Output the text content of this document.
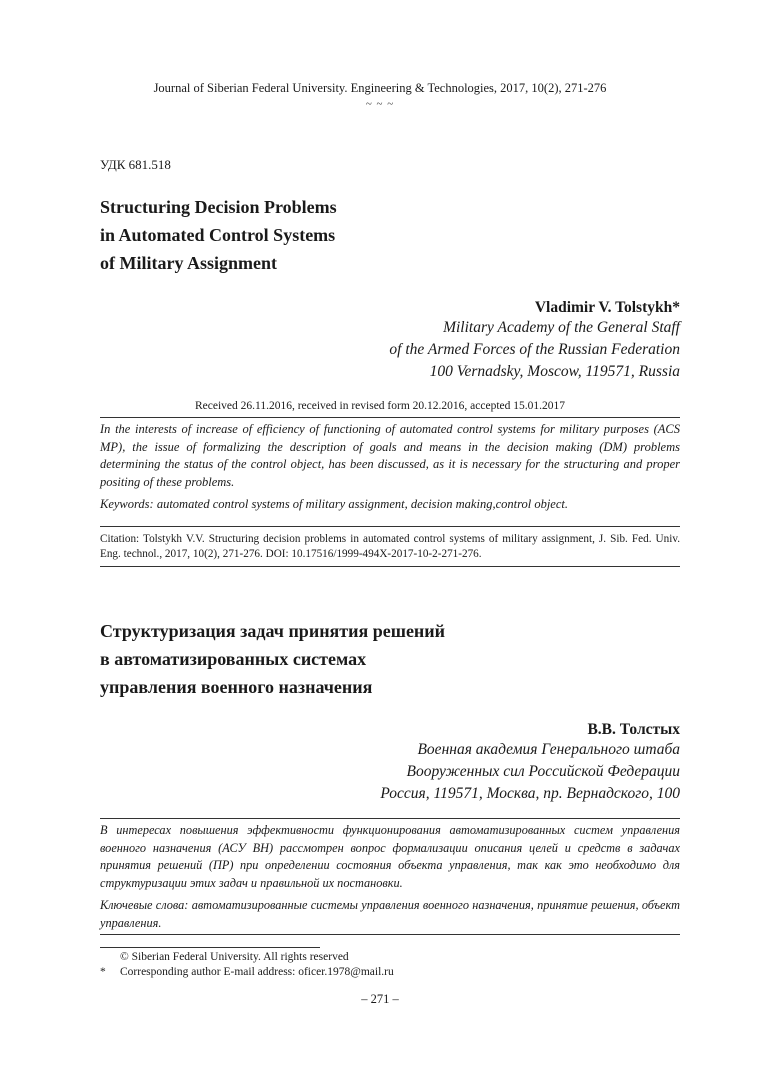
Journal of Siberian Federal University. Engineering & Technologies, 2017, 10(2), 271-276
~ ~ ~
УДК 681.518
Structuring Decision Problems
in Automated Control Systems
of Military Assignment
Vladimir V. Tolstykh*
Military Academy of the General Staff
of the Armed Forces of the Russian Federation
100 Vernadsky, Moscow, 119571, Russia
Received 26.11.2016, received in revised form 20.12.2016, accepted 15.01.2017
In the interests of increase of efficiency of functioning of automated control systems for military purposes (ACS MP), the issue of formalizing the description of goals and means in the decision making (DM) problems determining the status of the control object, has been discussed, as it is necessary for the structuring and proper positing of these problems.
Keywords: automated control systems of military assignment, decision making,control object.
Citation: Tolstykh V.V. Structuring decision problems in automated control systems of military assignment, J. Sib. Fed. Univ. Eng. technol., 2017, 10(2), 271-276. DOI: 10.17516/1999-494X-2017-10-2-271-276.
Структуризация задач принятия решений
в автоматизированных системах
управления военного назначения
В.В. Толстых
Военная академия Генерального штаба
Вооруженных сил Российской Федерации
Россия, 119571, Москва, пр. Вернадского, 100
В интересах повышения эффективности функционирования автоматизированных систем управления военного назначения (АСУ ВН) рассмотрен вопрос формализации описания целей и средств в задачах принятия решений (ПР) при определении состояния объекта управления, так как это необходимо для структуризации этих задач и правильной их постановки.
Ключевые слова: автоматизированные системы управления военного назначения, принятие решения, объект управления.
© Siberian Federal University. All rights reserved
* Corresponding author E-mail address: oficer.1978@mail.ru
– 271 –
